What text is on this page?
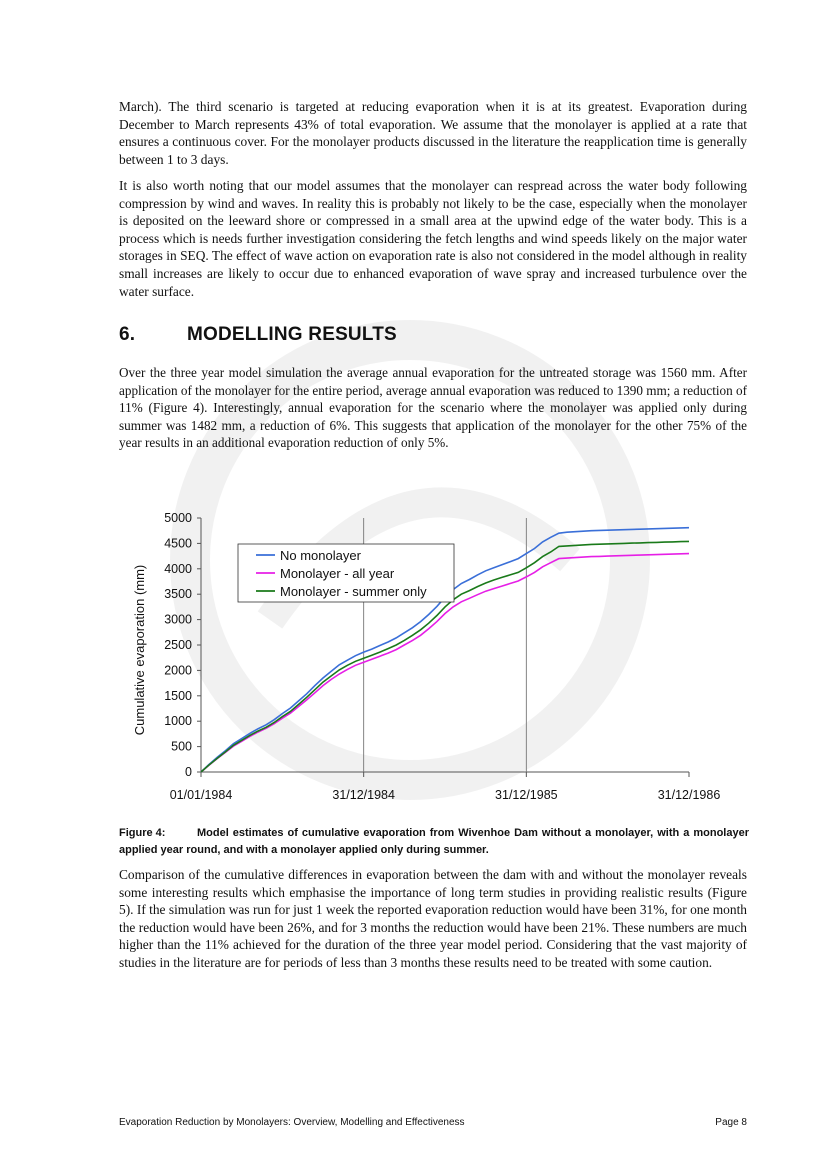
March). The third scenario is targeted at reducing evaporation when it is at its greatest. Evaporation during December to March represents 43% of total evaporation. We assume that the monolayer is applied at a rate that ensures a continuous cover. For the monolayer products discussed in the literature the reapplication time is generally between 1 to 3 days.

It is also worth noting that our model assumes that the monolayer can respread across the water body following compression by wind and waves. In reality this is probably not likely to be the case, especially when the monolayer is deposited on the leeward shore or compressed in a small area at the upwind edge of the water body. This is a process which is needs further investigation considering the fetch lengths and wind speeds likely on the major water storages in SEQ. The effect of wave action on evaporation rate is also not considered in the model although in reality small increases are likely to occur due to enhanced evaporation of wave spray and increased turbulence over the water surface.

6.	MODELLING RESULTS

Over the three year model simulation the average annual evaporation for the untreated storage was 1560 mm. After application of the monolayer for the entire period, average annual evaporation was reduced to 1390 mm; a reduction of 11% (Figure 4). Interestingly, annual evaporation for the scenario where the monolayer was applied only during summer was 1482 mm, a reduction of 6%. This suggests that application of the monolayer for the other 75% of the year results in an additional evaporation reduction of only 5%.

0
500
1000
1500
2000
2500
3000
3500
4000
4500
5000
01/01/1984	31/12/1984	31/12/1985	31/12/1986
No monolayer
Monolayer - all year
Monolayer - summer only
Cumulative evaporation (mm)

Figure 4:	Model estimates of cumulative evaporation from Wivenhoe Dam without a monolayer, with a monolayer applied year round, and with a monolayer applied only during summer.

Comparison of the cumulative differences in evaporation between the dam with and without the monolayer reveals some interesting results which emphasise the importance of long term studies in providing realistic results (Figure 5). If the simulation was run for just 1 week the reported evaporation reduction would have been 31%, for one month the reduction would have been 26%, and for 3 months the reduction would have been 21%. These numbers are much higher than the 11% achieved for the duration of the three year model period. Considering that the vast majority of studies in the literature are for periods of less than 3 months these results need to be treated with some caution.

Evaporation Reduction by Monolayers: Overview, Modelling and Effectiveness	Page 8
